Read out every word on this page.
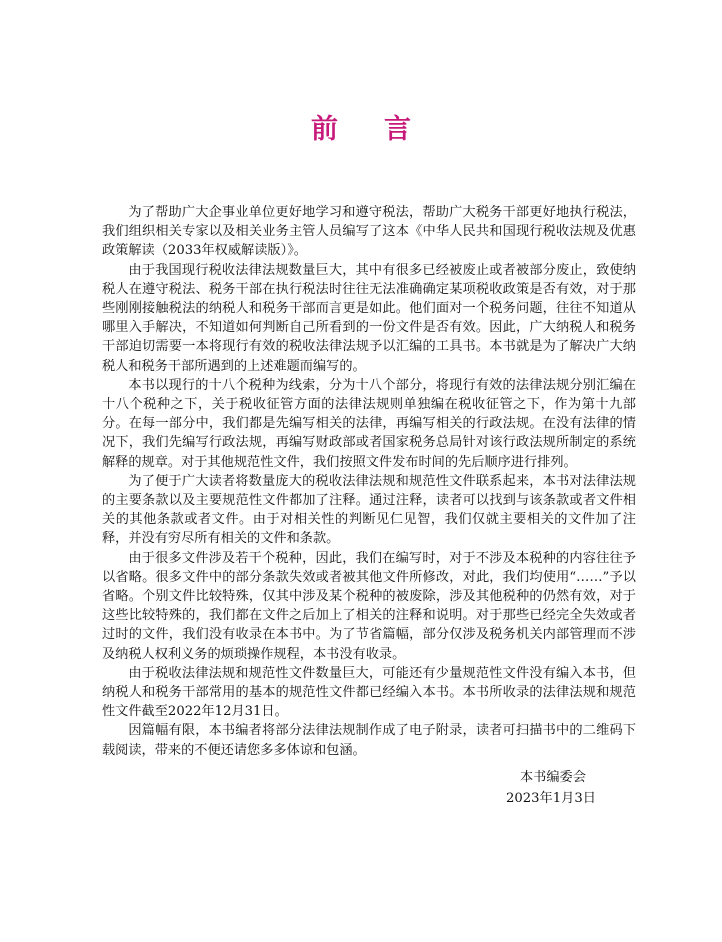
前言

为了帮助广大企事业单位更好地学习和遵守税法，帮助广大税务干部更好地执行税法，我们组织相关专家以及相关业务主管人员编写了这本《中华人民共和国现行税收法规及优惠政策解读（2033年权威解读版）》。

由于我国现行税收法律法规数量巨大，其中有很多已经被废止或者被部分废止，致使纳税人在遵守税法、税务干部在执行税法时往往无法准确确定某项税收政策是否有效，对于那些刚刚接触税法的纳税人和税务干部而言更是如此。他们面对一个税务问题，往往不知道从哪里入手解决，不知道如何判断自己所看到的一份文件是否有效。因此，广大纳税人和税务干部迫切需要一本将现行有效的税收法律法规予以汇编的工具书。本书就是为了解决广大纳税人和税务干部所遇到的上述难题而编写的。

本书以现行的十八个税种为线索，分为十八个部分，将现行有效的法律法规分别汇编在十八个税种之下，关于税收征管方面的法律法规则单独编在税收征管之下，作为第十九部分。在每一部分中，我们都是先编写相关的法律，再编写相关的行政法规。在没有法律的情况下，我们先编写行政法规，再编写财政部或者国家税务总局针对该行政法规所制定的系统解释的规章。对于其他规范性文件，我们按照文件发布时间的先后顺序进行排列。

为了便于广大读者将数量庞大的税收法律法规和规范性文件联系起来，本书对法律法规的主要条款以及主要规范性文件都加了注释。通过注释，读者可以找到与该条款或者文件相关的其他条款或者文件。由于对相关性的判断见仁见智，我们仅就主要相关的文件加了注释，并没有穷尽所有相关的文件和条款。

由于很多文件涉及若干个税种，因此，我们在编写时，对于不涉及本税种的内容往往予以省略。很多文件中的部分条款失效或者被其他文件所修改，对此，我们均使用“……”予以省略。个别文件比较特殊，仅其中涉及某个税种的被废除，涉及其他税种的仍然有效，对于这些比较特殊的，我们都在文件之后加上了相关的注释和说明。对于那些已经完全失效或者过时的文件，我们没有收录在本书中。为了节省篇幅，部分仅涉及税务机关内部管理而不涉及纳税人权利义务的烦琐操作规程，本书没有收录。

由于税收法律法规和规范性文件数量巨大，可能还有少量规范性文件没有编入本书，但纳税人和税务干部常用的基本的规范性文件都已经编入本书。本书所收录的法律法规和规范性文件截至2022年12月31日。

因篇幅有限，本书编者将部分法律法规制作成了电子附录，读者可扫描书中的二维码下载阅读，带来的不便还请您多多体谅和包涵。

本书编委会
2023年1月3日
